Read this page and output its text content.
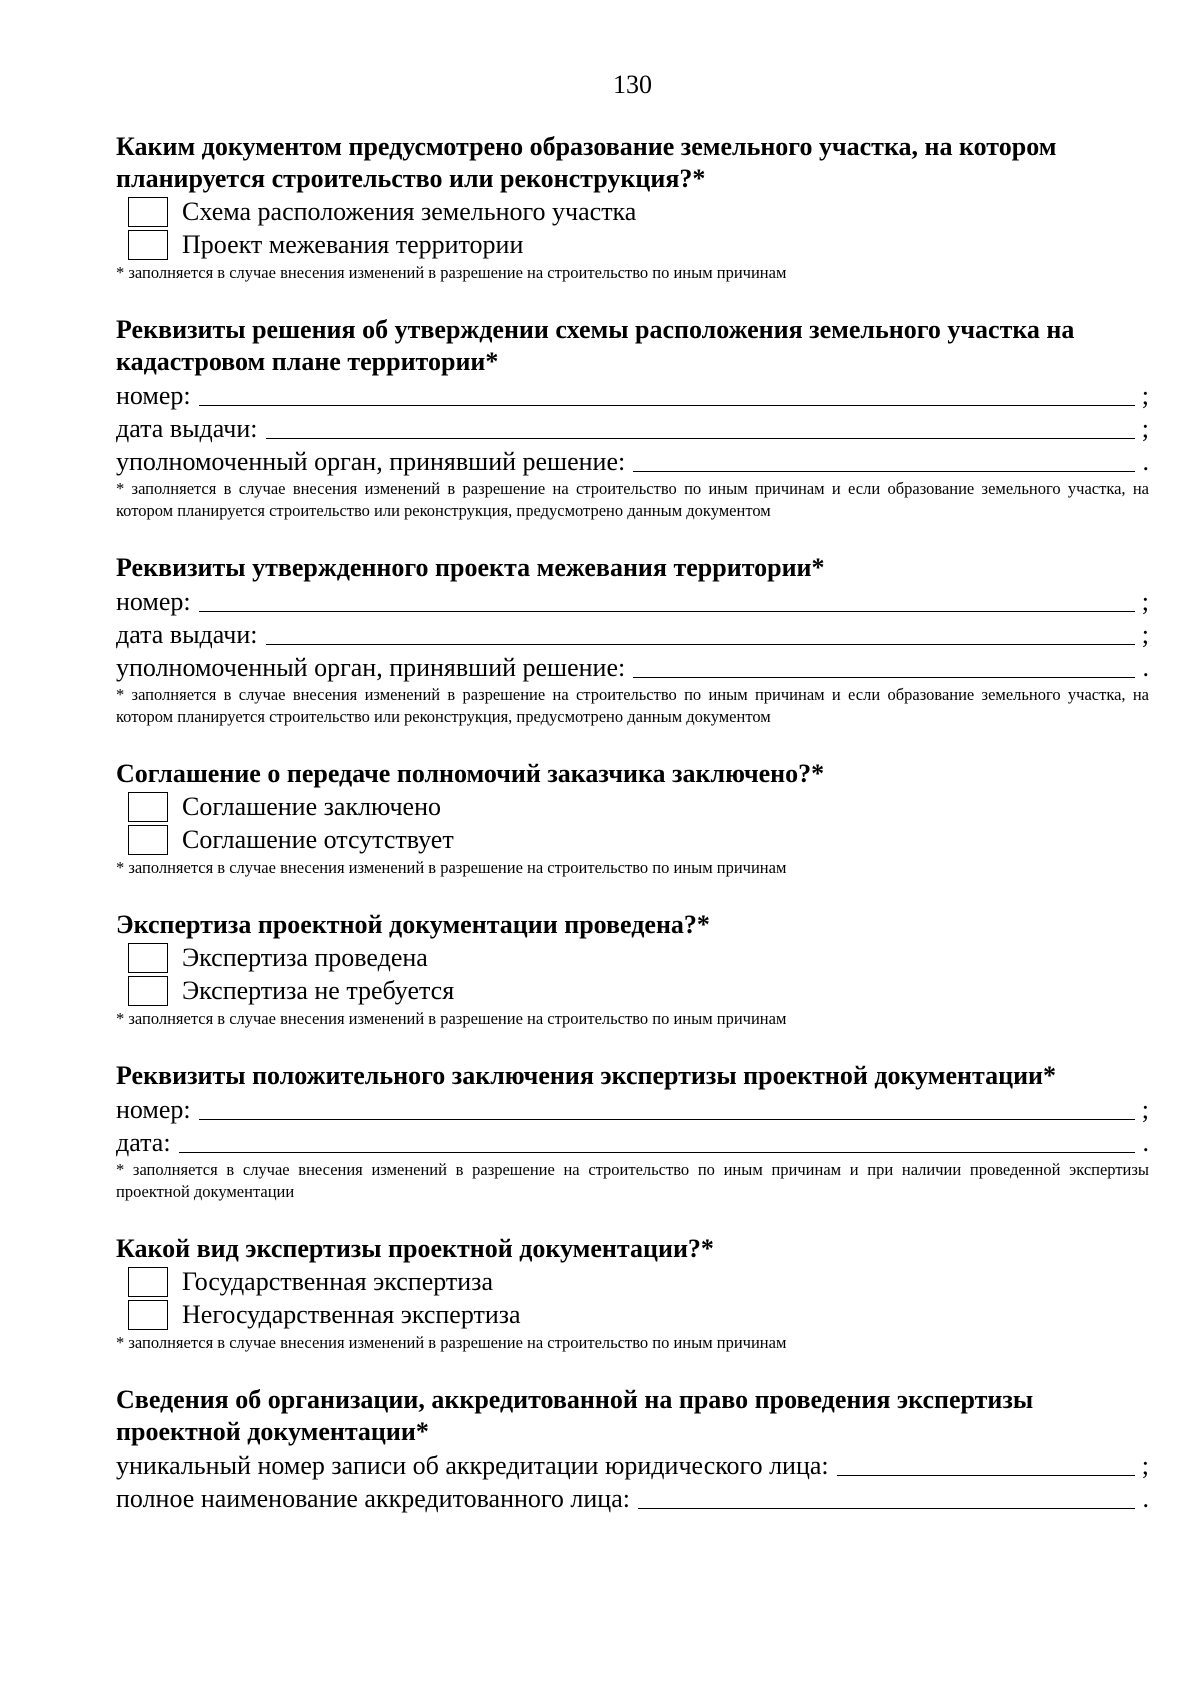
130
Каким документом предусмотрено образование земельного участка, на котором планируется строительство или реконструкция?*
Схема расположения земельного участка
Проект межевания территории
* заполняется в случае внесения изменений в разрешение на строительство по иным причинам
Реквизиты решения об утверждении схемы расположения земельного участка на кадастровом плане территории*
номер:	;
дата выдачи:	;
уполномоченный орган, принявший решение:	.
* заполняется в случае внесения изменений в разрешение на строительство по иным причинам и если образование земельного участка, на котором планируется строительство или реконструкция, предусмотрено данным документом
Реквизиты утвержденного проекта межевания территории*
номер:	;
дата выдачи:	;
уполномоченный орган, принявший решение:	.
* заполняется в случае внесения изменений в разрешение на строительство по иным причинам и если образование земельного участка, на котором планируется строительство или реконструкция, предусмотрено данным документом
Соглашение о передаче полномочий заказчика заключено?*
Соглашение заключено
Соглашение отсутствует
* заполняется в случае внесения изменений в разрешение на строительство по иным причинам
Экспертиза проектной документации проведена?*
Экспертиза проведена
Экспертиза не требуется
* заполняется в случае внесения изменений в разрешение на строительство по иным причинам
Реквизиты положительного заключения экспертизы проектной документации*
номер:	;
дата:	.
* заполняется в случае внесения изменений в разрешение на строительство по иным причинам и при наличии проведенной экспертизы проектной документации
Какой вид экспертизы проектной документации?*
Государственная экспертиза
Негосударственная экспертиза
* заполняется в случае внесения изменений в разрешение на строительство по иным причинам
Сведения об организации, аккредитованной на право проведения экспертизы проектной документации*
уникальный номер записи об аккредитации юридического лица:	;
полное наименование аккредитованного лица:	.
